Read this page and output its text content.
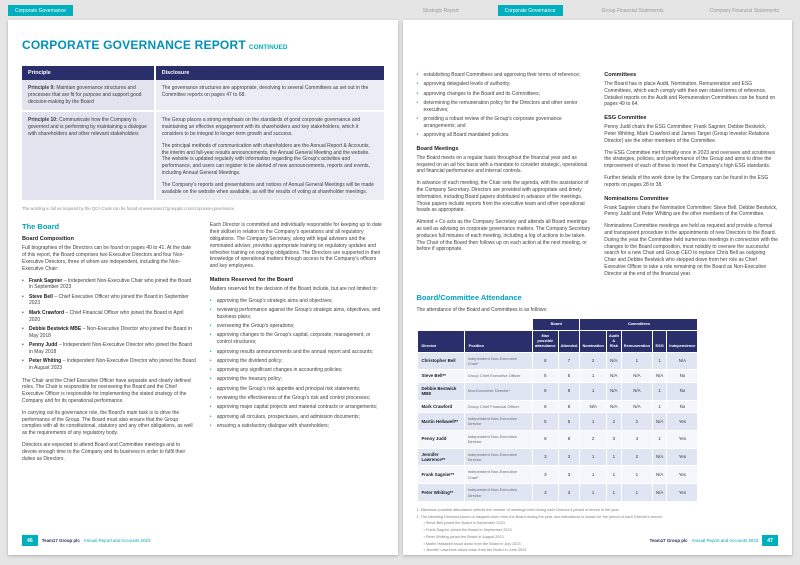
Corporate Governance	Strategic Report	Corporate Governance	Group Financial Statements	Company Financial Statements
CORPORATE GOVERNANCE REPORT CONTINUED
Principle	Disclosure
Principle 9: Maintain governance structures and processes that are fit for purpose and support good decision-making by the Board	The governance structures are appropriate, devolving to several Committees as set out in the Committee reports on pages 47 to 68.

Principle 10: Communicate how the Company is governed and is performing by maintaining a dialogue with shareholders and other relevant stakeholders	The Group places a strong emphasis on the standards of good corporate governance and maintaining an effective engagement with its shareholders and key stakeholders, which it considers to be integral to longer term growth and success.

The principal methods of communication with shareholders are the Annual Report & Accounts, the interim and full-year results announcements, the Annual General Meeting and the website. The website is updated regularly with information regarding the Group's activities and performance, and users can register to be alerted of new announcements, reports and events, including Annual General Meetings.

The Company's reports and presentations and notices of Annual General Meetings will be made available on the website when available, as will the results of voting at shareholder meetings.

The wording in full as required by the QCA Code can be found at www.team17groupplc.com/corporate-governance
The Board
Board Composition

Full biographies of the Directors can be found on pages 40 to 41. At the date of this report, the Board comprises two Executive Directors and four Non-Executive Directors, three of whom are independent, including the Non-Executive Chair:

• Frank Sagnier – Independent Non-Executive Chair who joined the Board in September 2023
• Steve Bell – Chief Executive Officer who joined the Board in September 2023
• Mark Crawford – Chief Financial Officer who joined the Board in April 2020
• Debbie Bestwick MBE – Non-Executive Director who joined the Board in May 2018
• Penny Judd – Independent Non-Executive Director who joined the Board in May 2018
• Peter Whiting – Independent Non-Executive Director who joined the Board in August 2023

The Chair and the Chief Executive Officer have separate and clearly defined roles. The Chair is responsible for overseeing the Board and the Chief Executive Officer is responsible for implementing the stated strategy of the Company and for its operational performance.

In carrying out its governance role, the Board's main task is to drive the performance of the Group. The Board must also ensure that the Group complies with all its constitutional, statutory and any other obligations, as well as the requirements of any regulatory body.

Directors are expected to attend Board and Committee meetings and to devote enough time to the Company and its business in order to fulfil their duties as Directors.

Each Director is committed and individually responsible for keeping up to date their skillset in relation to the Company's operations and all regulatory obligations. The Company Secretary, along with legal advisers and the nominated adviser, provides appropriate training on regulatory updates and refresher training on ongoing obligations. The Directors are supported in their knowledge of operational matters through access to the Company's officers and key employees.

Matters Reserved for the Board

Matters reserved for the decision of the Board include, but are not limited to:

• approving the Group's strategic aims and objectives;
• reviewing performance against the Group's strategic aims, objectives, and business plans;
• overseeing the Group's operations;
• approving changes to the Group's capital, corporate, management, or control structures;
• approving results announcements and the annual report and accounts;
• approving the dividend policy;
• approving any significant changes in accounting policies;
• approving the treasury policy;
• approving the Group's risk appetite and principal risk statements;
• reviewing the effectiveness of the Group's risk and control processes;
• approving major capital projects and material contracts or arrangements;
• approving all circulars, prospectuses, and admission documents;
• ensuring a satisfactory dialogue with shareholders;
46	Team17 Group plc Annual Report and Accounts 2023
• establishing Board Committees and approving their terms of reference;
• approving delegated levels of authority;
• approving changes to the Board and its Committees;
• determining the remuneration policy for the Directors and other senior executives;
• providing a robust review of the Group's corporate governance arrangements; and
• approving all Board mandated policies.
Board Meetings

The Board meets on a regular basis throughout the financial year and as required on an ad hoc basis with a mandate to consider strategic, operational and financial performance and internal controls.

In advance of each meeting, the Chair sets the agenda, with the assistance of the Company Secretary. Directors are provided with appropriate and timely information, including Board papers distributed in advance of the meetings. Those papers include reports from the executive team and other operational heads as appropriate.

Almond + Co acts as the Company Secretary and attends all Board meetings as well as advising on corporate governance matters. The Company Secretary produces full minutes of each meeting, including a log of actions to be taken. The Chair of the Board then follows up on each action at the next meeting, or before if appropriate.

Committees

The Board has in place Audit, Nomination, Remuneration and ESG Committees, which each comply with their own stated terms of reference. Detailed reports on the Audit and Remuneration Committees can be found on pages 49 to 64.

ESG Committee

Penny Judd chairs the ESG Committee; Frank Sagnier, Debbie Bestwick, Peter Whiting, Mark Crawford and James Target (Group Investor Relations Director) are the other members of the Committee.

The ESG Committee met formally once in 2023 and oversees and scrutinises the strategies, policies, and performance of the Group and aims to drive the improvement of each of these to meet the Company's high ESG standards.

Further details of the work done by the Company can be found in the ESG reports on pages 28 to 38.

Nominations Committee

Frank Sagnier chairs the Nomination Committee; Steve Bell, Debbie Bestwick, Penny Judd and Peter Whiting are the other members of the Committee.

Nominations Committee meetings are held as required and provide a formal and transparent procedure to the appointments of new Directors to the Board. During the year the Committee held numerous meetings in connection with the changes to the Board composition, most notably to oversee the successful search for a new Chair and Group CEO to replace Chris Bell as outgoing Chair and Debbie Bestwick who stepped down from her role as Chief Executive Officer to take a role remaining on the Board as Non-Executive Director at the end of the financial year.

Board/Committee Attendance

The attendance of the Board and Committees is as follows:

		Board		Committees				
Director	Position	Max possible attendance	Attended	Nomination	Audit & Risk	Remuneration	ESG	Independence
Christopher Bell	Independent Non-Executive Chair*	8	7	2	N/A	1	1	N/A
Steve Bell**	Group Chief Executive Officer	5	5	1	N/A	N/A	N/A	No
Debbie Bestwick MBE	Non-Executive Director*	8	8	1	N/A	N/A	1	No
Mark Crawford	Group Chief Financial Officer	8	8	N/A	N/A	N/A	1	No
Martin Hellawell**	Independent Non-Executive Director	5	5	1	2	2	N/A	Yes
Penny Judd	Independent Non-Executive Director	8	8	2	3	4	1	Yes
Jennifer Lawrence**	Independent Non-Executive Director	3	3	1	1	2	N/A	Yes
Frank Sagnier**	Independent Non-Executive Chair*	3	3	1	1	1	N/A	Yes
Peter Whiting**	Independent Non-Executive Director	3	3	1	1	1	N/A	Yes
1. Maximum possible attendance reflects the number of meetings held during each Director's period of tenure in the year.
2. The following Directors joined or stepped down from the Board during the year, and attendance is shown for the period of each Director's tenure:
• Steve Bell joined the Board in September 2023
• Frank Sagnier joined the Board in September 2023
• Peter Whiting joined the Board in August 2023
• Martin Hellawell stood down from the Board in July 2023
• Jennifer Lawrence stood down from the Board in June 2023
Team17 Group plc Annual Report and Accounts 2023	47
